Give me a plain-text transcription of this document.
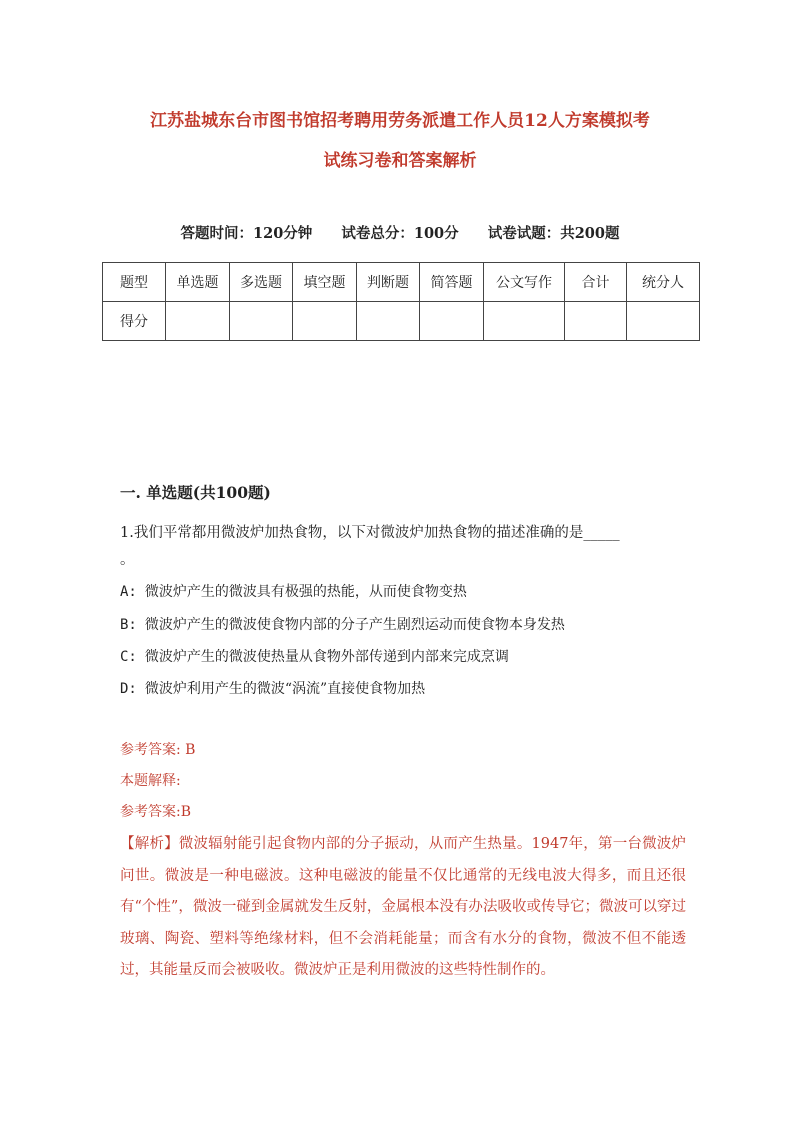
江苏盐城东台市图书馆招考聘用劳务派遣工作人员12人方案模拟考
试练习卷和答案解析
答题时间：120分钟 试卷总分：100分 试卷试题：共200题
题型	单选题	多选题	填空题	判断题	简答题	公文写作	合计	统分人
得分								
一. 单选题(共100题)
1.我们平常都用微波炉加热食物，以下对微波炉加热食物的描述准确的是_____
。
A: 微波炉产生的微波具有极强的热能，从而使食物变热
B: 微波炉产生的微波使食物内部的分子产生剧烈运动而使食物本身发热
C: 微波炉产生的微波使热量从食物外部传递到内部来完成烹调
D: 微波炉利用产生的微波“涡流”直接使食物加热
参考答案: B
本题解释:
参考答案:B
【解析】微波辐射能引起食物内部的分子振动，从而产生热量。1947年，第一台微波炉问世。微波是一种电磁波。这种电磁波的能量不仅比通常的无线电波大得多，而且还很有“个性”，微波一碰到金属就发生反射，金属根本没有办法吸收或传导它；微波可以穿过玻璃、陶瓷、塑料等绝缘材料，但不会消耗能量；而含有水分的食物，微波不但不能透过，其能量反而会被吸收。微波炉正是利用微波的这些特性制作的。
